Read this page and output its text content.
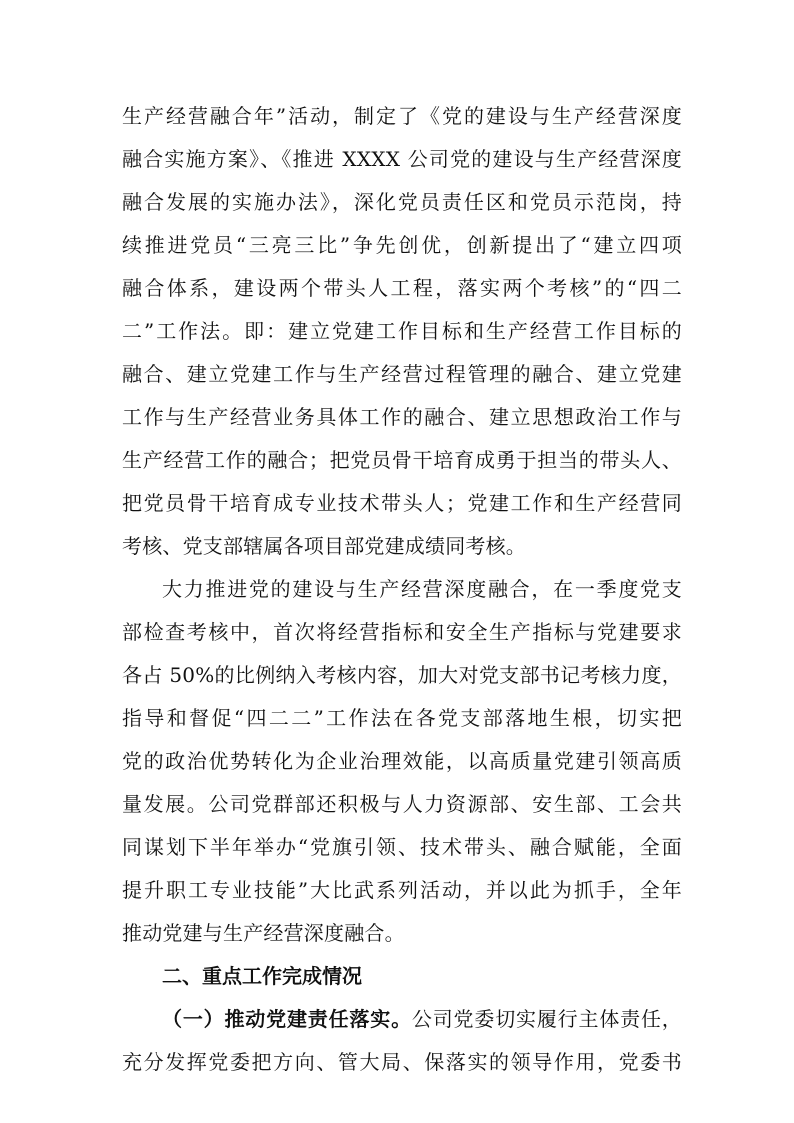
生产经营融合年”活动，制定了《党的建设与生产经营深度
融合实施方案》、《推进 XXXX 公司党的建设与生产经营深度
融合发展的实施办法》，深化党员责任区和党员示范岗，持
续推进党员“三亮三比”争先创优，创新提出了“建立四项
融合体系，建设两个带头人工程，落实两个考核”的“四二
二”工作法。即：建立党建工作目标和生产经营工作目标的
融合、建立党建工作与生产经营过程管理的融合、建立党建
工作与生产经营业务具体工作的融合、建立思想政治工作与
生产经营工作的融合；把党员骨干培育成勇于担当的带头人、
把党员骨干培育成专业技术带头人；党建工作和生产经营同
考核、党支部辖属各项目部党建成绩同考核。
大力推进党的建设与生产经营深度融合，在一季度党支
部检查考核中，首次将经营指标和安全生产指标与党建要求
各占 50%的比例纳入考核内容，加大对党支部书记考核力度，
指导和督促“四二二”工作法在各党支部落地生根，切实把
党的政治优势转化为企业治理效能，以高质量党建引领高质
量发展。公司党群部还积极与人力资源部、安生部、工会共
同谋划下半年举办“党旗引领、技术带头、融合赋能，全面
提升职工专业技能”大比武系列活动，并以此为抓手，全年
推动党建与生产经营深度融合。
二、重点工作完成情况
（一）推动党建责任落实。公司党委切实履行主体责任，
充分发挥党委把方向、管大局、保落实的领导作用，党委书
